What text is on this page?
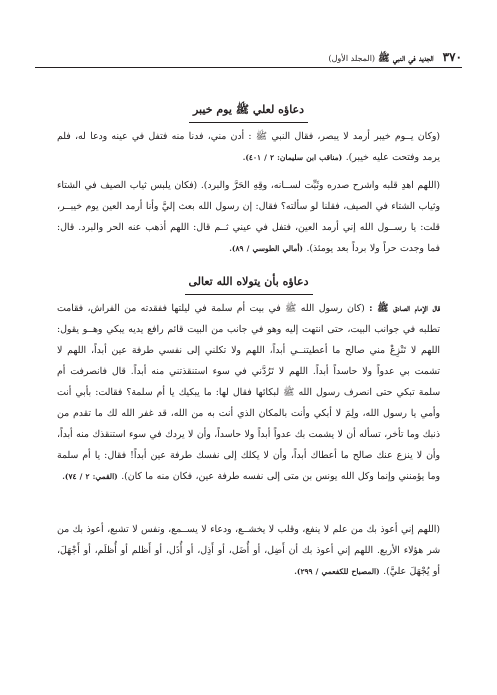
٣٧٠ الجديد في النبي ﷺ (المجلد الأول)
دعاؤه لعلي ﷺ يوم خيبر

(وكان يــوم خيبر أرمد لا يبصر، فقال النبي ﷺ : أدن مني، فدنا منه فتفل في عينه ودعا له، فلم يرمد وفتحت عليه خيبر). (مناقب ابن سليمان: ٢ / ٤٠١).

(اللهم اهدِ قلبه واشرح صدره وثَبِّت لســانه، وقِهِ الحَرَّ والبرد). (فكان يلبس ثياب الصيف في الشتاء وثياب الشتاء في الصيف، فقلنا لو سألته؟ فقال: إن رسول الله بعث إليَّ وأنا أرمد العين يوم خيبــر، قلت: يا رســول الله إني أرمد العين، فتفل في عيني ثــم قال: اللهم أذهب عنه الحر والبرد. قال: فما وجدت حراً ولا برداً بعد يومئذ). (أمالي الطوسي / ٨٩).

دعاؤه بأن يتولاه الله تعالى

قال الإمام الصادق ﷺ : (كان رسول الله ﷺ في بيت أم سلمة في ليلتها ففقدته من الفراش، فقامت تطلبه في جوانب البيت، حتى انتهت إليه وهو في جانب من البيت قائم رافع يديه يبكي وهــو يقول: اللهم لا تَنْزِعْ مني صالح ما أعطيتنــي أبداً، اللهم ولا تكلني إلى نفسي طرفة عين أبداً، اللهم لا تشمت بي عدواً ولا حاسداً أبداً. اللهم لا تَرُدَّني في سوء استنقذتني منه أبداً. قال فانصرفت أم سلمة تبكي حتى انصرف رسول الله ﷺ لبكائها فقال لها: ما يبكيك يا أم سلمة؟ فقالت: بأبي أنت وأمي يا رسول الله، ولِمَ لا أبكي وأنت بالمكان الذي أنت به من الله، قد غفر الله لك ما تقدم من ذنبك وما تأخر، تسأله أن لا يشمت بك عدواً أبداً ولا حاسداً، وأن لا يردك في سوء استنقذك منه أبداً، وأن لا ينزع عنك صالح ما أعطاك أبداً، وأن لا يكلك إلى نفسك طرفة عين أبداً! فقال: يا أم سلمة وما يؤمنني وإنما وكل الله يونس بن متى إلى نفسه طرفة عين، فكان منه ما كان). (القمي: ٢ / ٧٤).

(اللهم إني أعوذ بك من علم لا ينفع، وقلب لا يخشــع، ودعاء لا يســمع، ونفس لا تشبع، أعوذ بك من شر هؤلاء الأربع. اللهم إني أعوذ بك أن أَضِل، أو أُضَل، أو أَذِل، أو أُذَل، أو أَظلم أو أُظلَم، أو أَجْهَلَ، أو يُجْهَلَ عليَّ). (المصباح للكفعمي / ٢٩٩).
